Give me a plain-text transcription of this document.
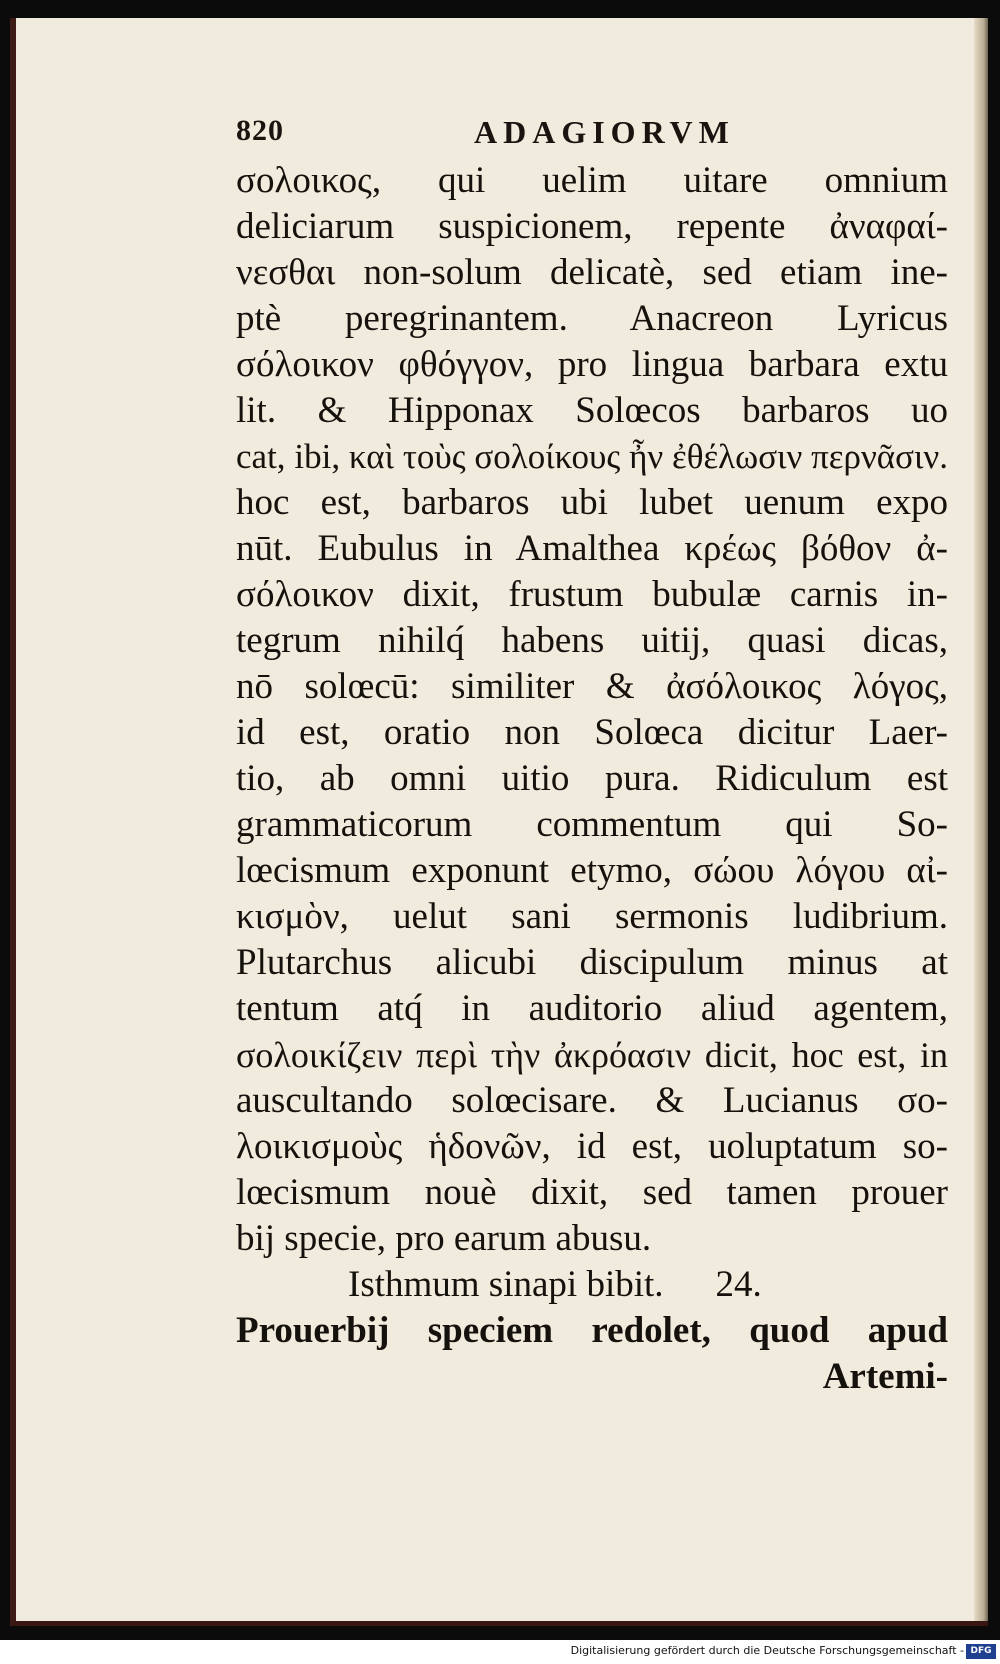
820	ADAGIORVM
σολοικος, qui uelim uitare omnium
deliciarum suspicionem, repente ἀναφαί-
νεσθαι non-solum delicatè, sed etiam ine-
ptè peregrinantem. Anacreon Lyricus
σόλοικον φθόγγον, pro lingua barbara extu
lit. & Hipponax Solœcos barbaros uo
cat, ibi, καὶ τοὺς σολοίκους ἦν ἐθέλωσιν περνᾶσιν.
hoc est, barbaros ubi lubet uenum expo
nūt. Eubulus in Amalthea κρέως βόθον ἀ-
σόλοικον dixit, frustum bubulæ carnis in-
tegrum nihilq́ habens uitij, quasi dicas,
nō solœcū: similiter & ἀσόλοικος λόγος,
id est, oratio non Solœca dicitur Laer-
tio, ab omni uitio pura. Ridiculum est
grammaticorum commentum qui So-
lœcismum exponunt etymo, σώου λόγου αἰ-
κισμὸν, uelut sani sermonis ludibrium.
Plutarchus alicubi discipulum minus at
tentum atq́ in auditorio aliud agentem,
σολοικίζειν περὶ τὴν ἀκρόασιν dicit, hoc est, in
auscultando solœcisare. & Lucianus σο-
λοικισμοὺς ἡδονῶν, id est, uoluptatum so-
lœcismum nouè dixit, sed tamen prouer
bij specie, pro earum abusu.
Isthmum sinapi bibit. 24.
Prouerbij speciem redolet, quod apud
Artemi-
Digitalisierung gefördert durch die Deutsche Forschungsgemeinschaft - DFG
